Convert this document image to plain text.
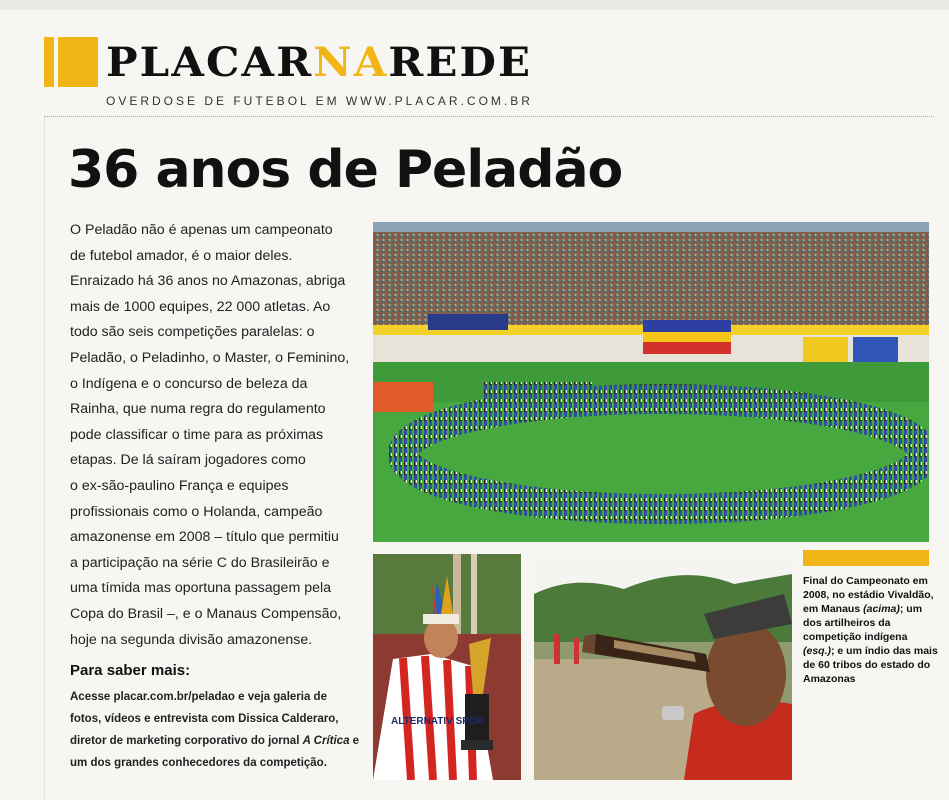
PLACARNAREDE

OVERDOSE DE FUTEBOL EM WWW.PLACAR.COM.BR

36 anos de Peladão

O Peladão não é apenas um campeonato
de futebol amador, é o maior deles.
Enraizado há 36 anos no Amazonas, abriga
mais de 1000 equipes, 22 000 atletas. Ao
todo são seis competições paralelas: o
Peladão, o Peladinho, o Master, o Feminino,
o Indígena e o concurso de beleza da
Rainha, que numa regra do regulamento
pode classificar o time para as próximas
etapas. De lá saíram jogadores como
o ex-são-paulino França e equipes
profissionais como o Holanda, campeão
amazonense em 2008 – título que permitiu
a participação na série C do Brasileirão e
uma tímida mas oportuna passagem pela
Copa do Brasil –, e o Manaus Compensão,
hoje na segunda divisão amazonense.

Para saber mais:

Acesse placar.com.br/peladao e veja galeria de fotos, vídeos e entrevista com Dissica Calderaro, diretor de marketing corporativo do jornal A Crítica e um dos grandes conhecedores da competição.

ALTERNATIV SPOR

Final do Campeonato em 2008, no estádio Vivaldão, em Manaus (acima); um dos artilheiros da competição indígena (esq.); e um índio das mais de 60 tribos do estado do Amazonas
